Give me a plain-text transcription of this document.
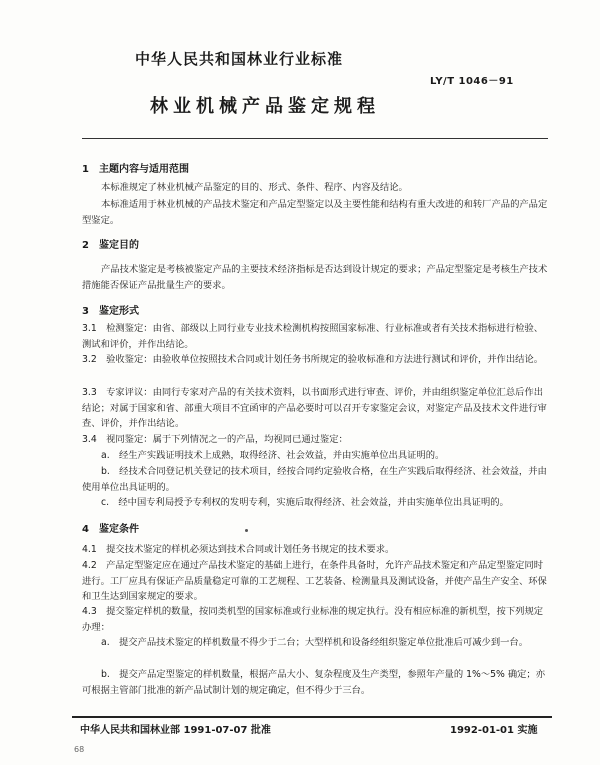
中华人民共和国林业行业标准
LY/T 1046－91
林业机械产品鉴定规程
1　主题内容与适用范围
本标准规定了林业机械产品鉴定的目的、形式、条件、程序、内容及结论。
本标准适用于林业机械的产品技术鉴定和产品定型鉴定以及主要性能和结构有重大改进的和转厂产品的产品定型鉴定。
2　鉴定目的
产品技术鉴定是考核被鉴定产品的主要技术经济指标是否达到设计规定的要求；产品定型鉴定是考核生产技术措施能否保证产品批量生产的要求。
3　鉴定形式
3.1　检测鉴定：由省、部级以上同行业专业技术检测机构按照国家标准、行业标准或者有关技术指标进行检验、测试和评价，并作出结论。
3.2　验收鉴定：由验收单位按照技术合同或计划任务书所规定的验收标准和方法进行测试和评价，并作出结论。
3.3　专家评议：由同行专家对产品的有关技术资料，以书面形式进行审查、评价，并由组织鉴定单位汇总后作出结论；对属于国家和省、部重大项目不宜函审的产品必要时可以召开专家鉴定会议，对鉴定产品及技术文件进行审查、评价，并作出结论。
3.4　视同鉴定：属于下列情况之一的产品，均视同已通过鉴定：
a.　经生产实践证明技术上成熟，取得经济、社会效益，并由实施单位出具证明的。
b.　经技术合同登记机关登记的技术项目，经按合同约定验收合格，在生产实践后取得经济、社会效益，并由使用单位出具证明的。
c.　经中国专利局授予专利权的发明专利，实施后取得经济、社会效益，并由实施单位出具证明的。
4　鉴定条件
4.1　提交技术鉴定的样机必须达到技术合同或计划任务书规定的技术要求。
4.2　产品定型鉴定应在通过产品技术鉴定的基础上进行，在条件具备时，允许产品技术鉴定和产品定型鉴定同时进行。工厂应具有保证产品质量稳定可靠的工艺规程、工艺装备、检测量具及测试设备，并使产品生产安全、环保和卫生达到国家规定的要求。
4.3　提交鉴定样机的数量，按同类机型的国家标准或行业标准的规定执行。没有相应标准的新机型，按下列规定办理：
a.　提交产品技术鉴定的样机数量不得少于二台；大型样机和设备经组织鉴定单位批准后可减少到一台。
b.　提交产品定型鉴定的样机数量，根据产品大小、复杂程度及生产类型，参照年产量的 1%～5% 确定；亦可根据主管部门批准的新产品试制计划的规定确定，但不得少于三台。
中华人民共和国林业部 1991-07-07 批准	1992-01-01 实施
68
